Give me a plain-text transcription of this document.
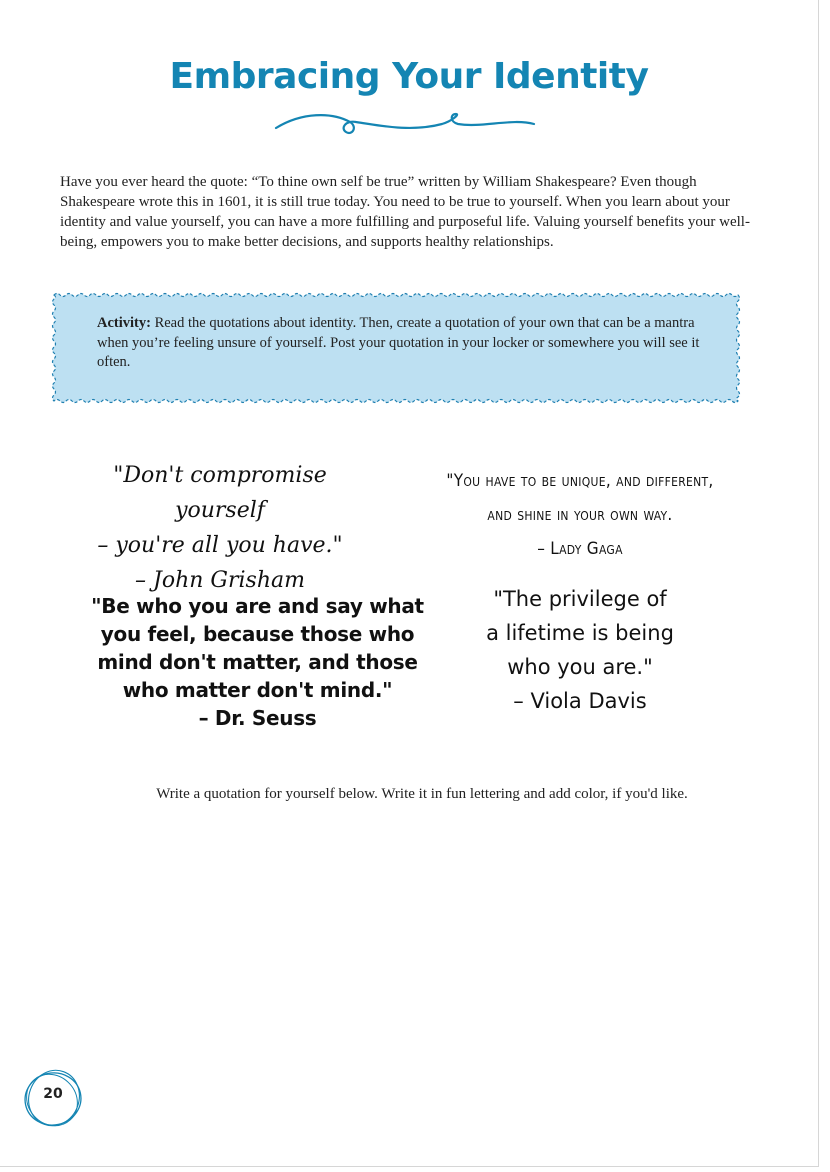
Embracing Your Identity

Have you ever heard the quote: “To thine own self be true” written by William Shakespeare? Even though Shakespeare wrote this in 1601, it is still true today. You need to be true to yourself. When you learn about your identity and value yourself, you can have a more fulfilling and purposeful life. Valuing yourself benefits your well-being, empowers you to make better decisions, and supports healthy relationships.

Activity: Read the quotations about identity. Then, create a quotation of your own that can be a mantra when you’re feeling unsure of yourself. Post your quotation in your locker or somewhere you will see it often.

"Don't compromise yourself
– you're all you have."
– John Grisham
"You have to be unique, and different,
and shine in your own way.
– Lady Gaga
"Be who you are and say what
you feel, because those who
mind don't matter, and those
who matter don't mind."
– Dr. Seuss
"The privilege of
a lifetime is being
who you are."
– Viola Davis

Write a quotation for yourself below. Write it in fun lettering and add color, if you'd like.

20
